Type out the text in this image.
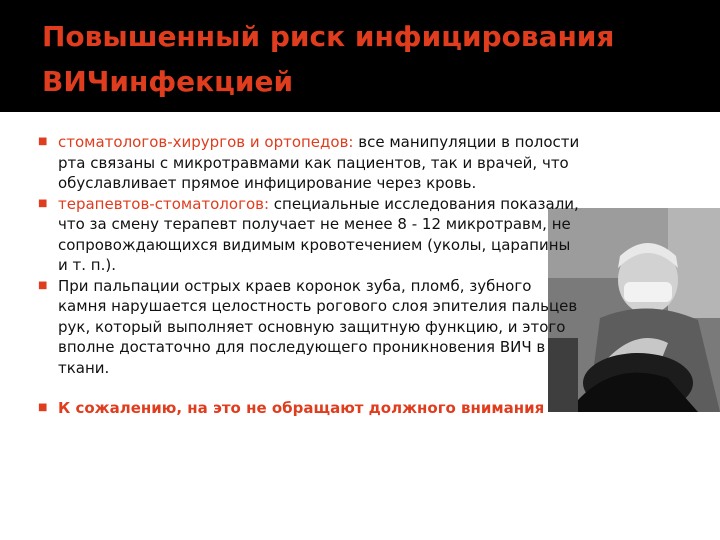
Повышенный риск инфицирования ВИЧинфекцией

■ стоматологов-хирургов и ортопедов: все манипуляции в полости рта связаны с микротравмами как пациентов, так и врачей, что обуславливает прямое инфицирование через кровь.

■ терапевтов-стоматологов: специальные исследования показали, что за смену терапевт получает не менее 8 - 12 микротравм, не сопровождающихся видимым кровотечением (уколы, царапины и т. п.).

■ При пальпации острых краев коронок зуба, пломб, зубного камня нарушается целостность рогового слоя эпителия пальцев рук, который выполняет основную защитную функцию, и этого вполне достаточно для последующего проникновения ВИЧ в ткани.

■ К сожалению, на это не обращают должного внимания
